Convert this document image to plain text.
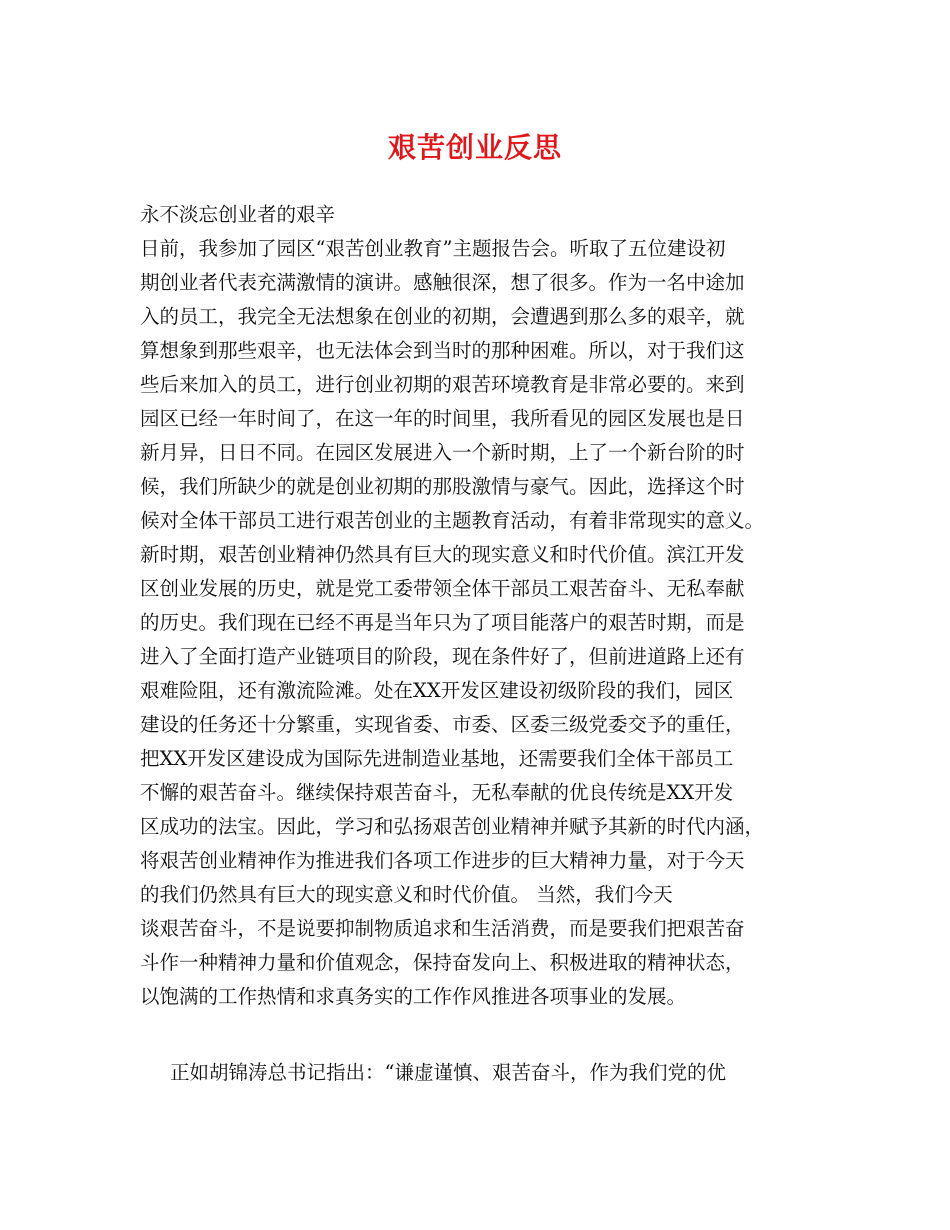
艰苦创业反思
永不淡忘创业者的艰辛
日前，我参加了园区“艰苦创业教育”主题报告会。听取了五位建设初
期创业者代表充满激情的演讲。感触很深，想了很多。作为一名中途加
入的员工，我完全无法想象在创业的初期，会遭遇到那么多的艰辛，就
算想象到那些艰辛，也无法体会到当时的那种困难。所以，对于我们这
些后来加入的员工，进行创业初期的艰苦环境教育是非常必要的。来到
园区已经一年时间了，在这一年的时间里，我所看见的园区发展也是日
新月异，日日不同。在园区发展进入一个新时期，上了一个新台阶的时
候，我们所缺少的就是创业初期的那股激情与豪气。因此，选择这个时
候对全体干部员工进行艰苦创业的主题教育活动，有着非常现实的意义。
新时期，艰苦创业精神仍然具有巨大的现实意义和时代价值。滨江开发
区创业发展的历史，就是党工委带领全体干部员工艰苦奋斗、无私奉献
的历史。我们现在已经不再是当年只为了项目能落户的艰苦时期，而是
进入了全面打造产业链项目的阶段，现在条件好了，但前进道路上还有
艰难险阻，还有激流险滩。处在XX开发区建设初级阶段的我们，园区
建设的任务还十分繁重，实现省委、市委、区委三级党委交予的重任，
把XX开发区建设成为国际先进制造业基地，还需要我们全体干部员工
不懈的艰苦奋斗。继续保持艰苦奋斗，无私奉献的优良传统是XX开发
区成功的法宝。因此，学习和弘扬艰苦创业精神并赋予其新的时代内涵，
将艰苦创业精神作为推进我们各项工作进步的巨大精神力量，对于今天
的我们仍然具有巨大的现实意义和时代价值。 当然，我们今天
谈艰苦奋斗，不是说要抑制物质追求和生活消费，而是要我们把艰苦奋
斗作一种精神力量和价值观念，保持奋发向上、积极进取的精神状态，
以饱满的工作热情和求真务实的工作作风推进各项事业的发展。
正如胡锦涛总书记指出：“谦虚谨慎、艰苦奋斗，作为我们党的优
